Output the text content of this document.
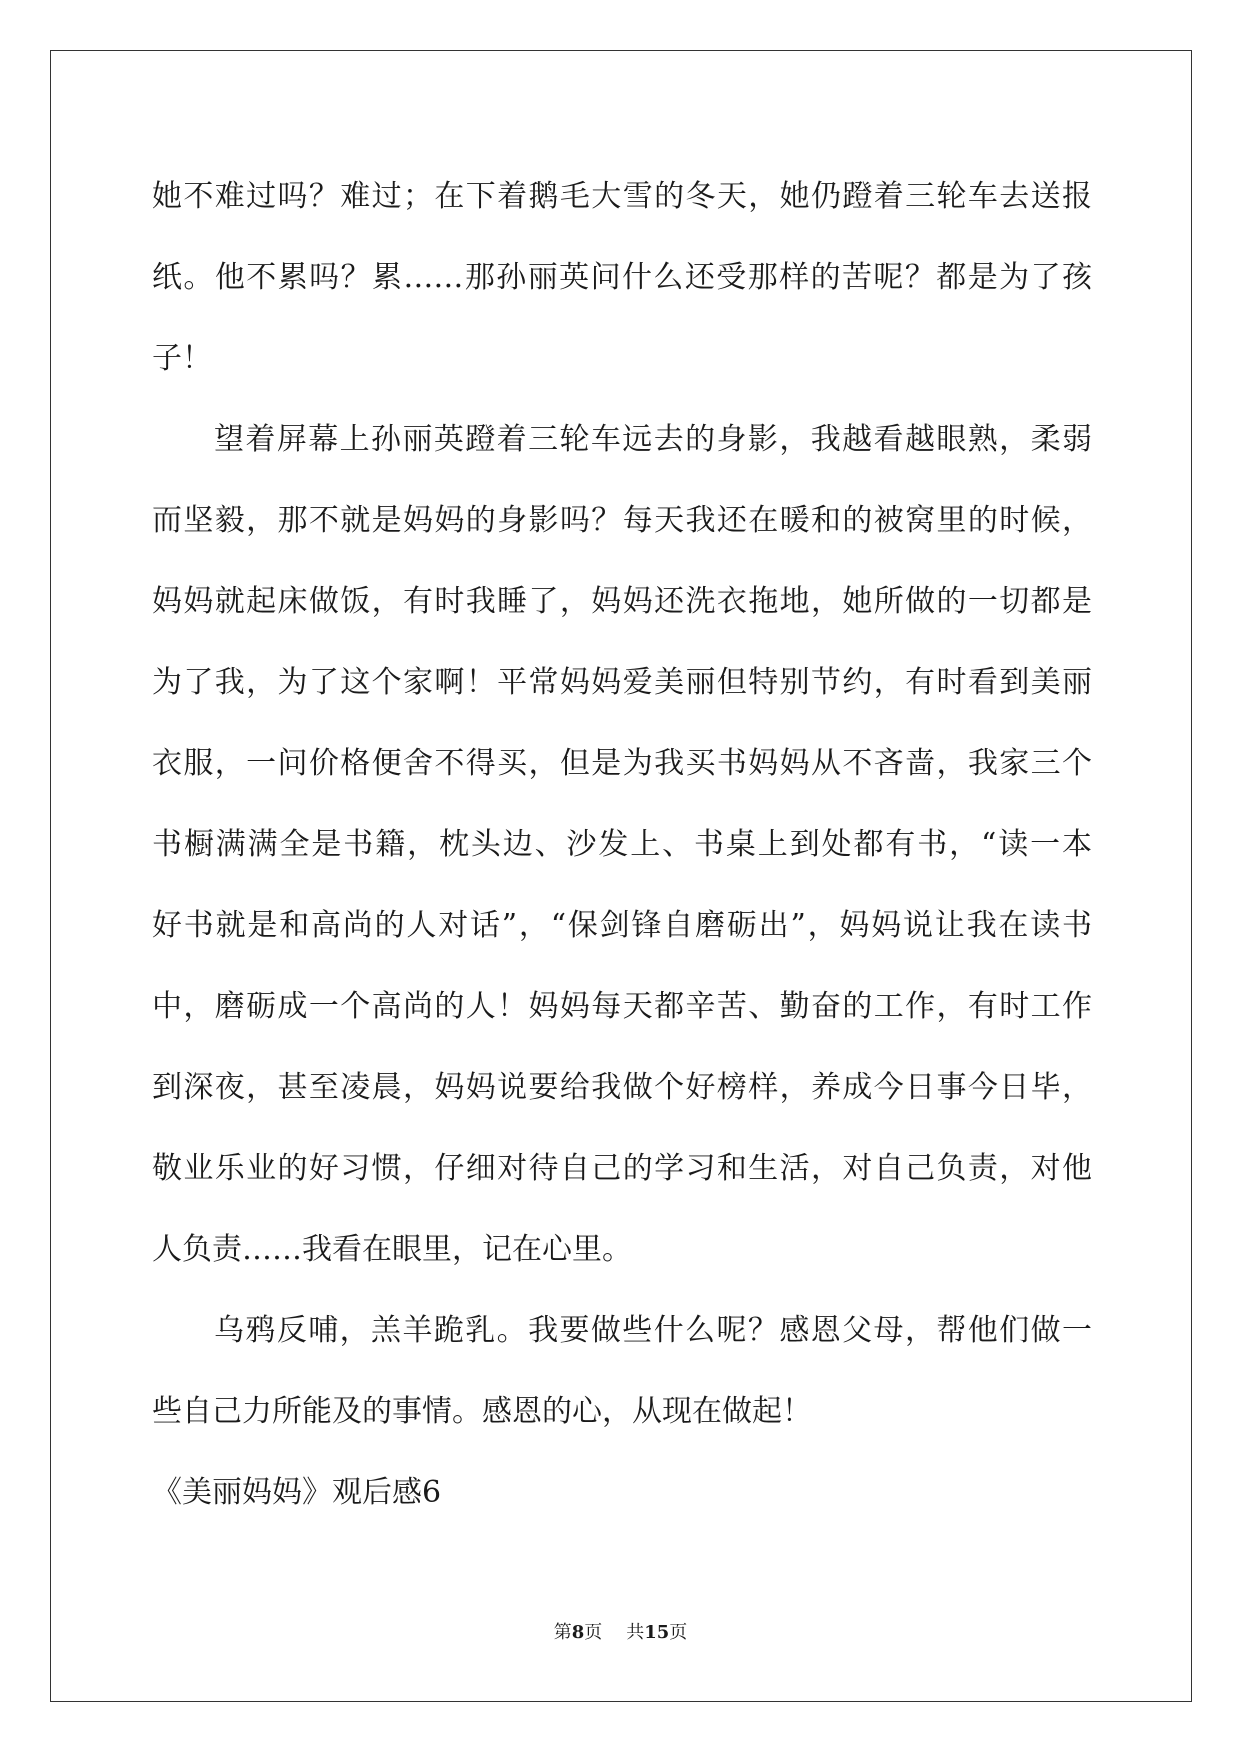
她不难过吗？难过；在下着鹅毛大雪的冬天，她仍蹬着三轮车去送报
纸。他不累吗？累……那孙丽英问什么还受那样的苦呢？都是为了孩
子！
望着屏幕上孙丽英蹬着三轮车远去的身影，我越看越眼熟，柔弱
而坚毅，那不就是妈妈的身影吗？每天我还在暖和的被窝里的时候，
妈妈就起床做饭，有时我睡了，妈妈还洗衣拖地，她所做的一切都是
为了我，为了这个家啊！平常妈妈爱美丽但特别节约，有时看到美丽
衣服，一问价格便舍不得买，但是为我买书妈妈从不吝啬，我家三个
书橱满满全是书籍，枕头边、沙发上、书桌上到处都有书，“读一本
好书就是和高尚的人对话”，“保剑锋自磨砺出”，妈妈说让我在读书
中，磨砺成一个高尚的人！妈妈每天都辛苦、勤奋的工作，有时工作
到深夜，甚至凌晨，妈妈说要给我做个好榜样，养成今日事今日毕，
敬业乐业的好习惯，仔细对待自己的学习和生活，对自己负责，对他
人负责……我看在眼里，记在心里。
乌鸦反哺，羔羊跪乳。我要做些什么呢？感恩父母，帮他们做一
些自己力所能及的事情。感恩的心，从现在做起！
《美丽妈妈》观后感6
第8页 共15页
